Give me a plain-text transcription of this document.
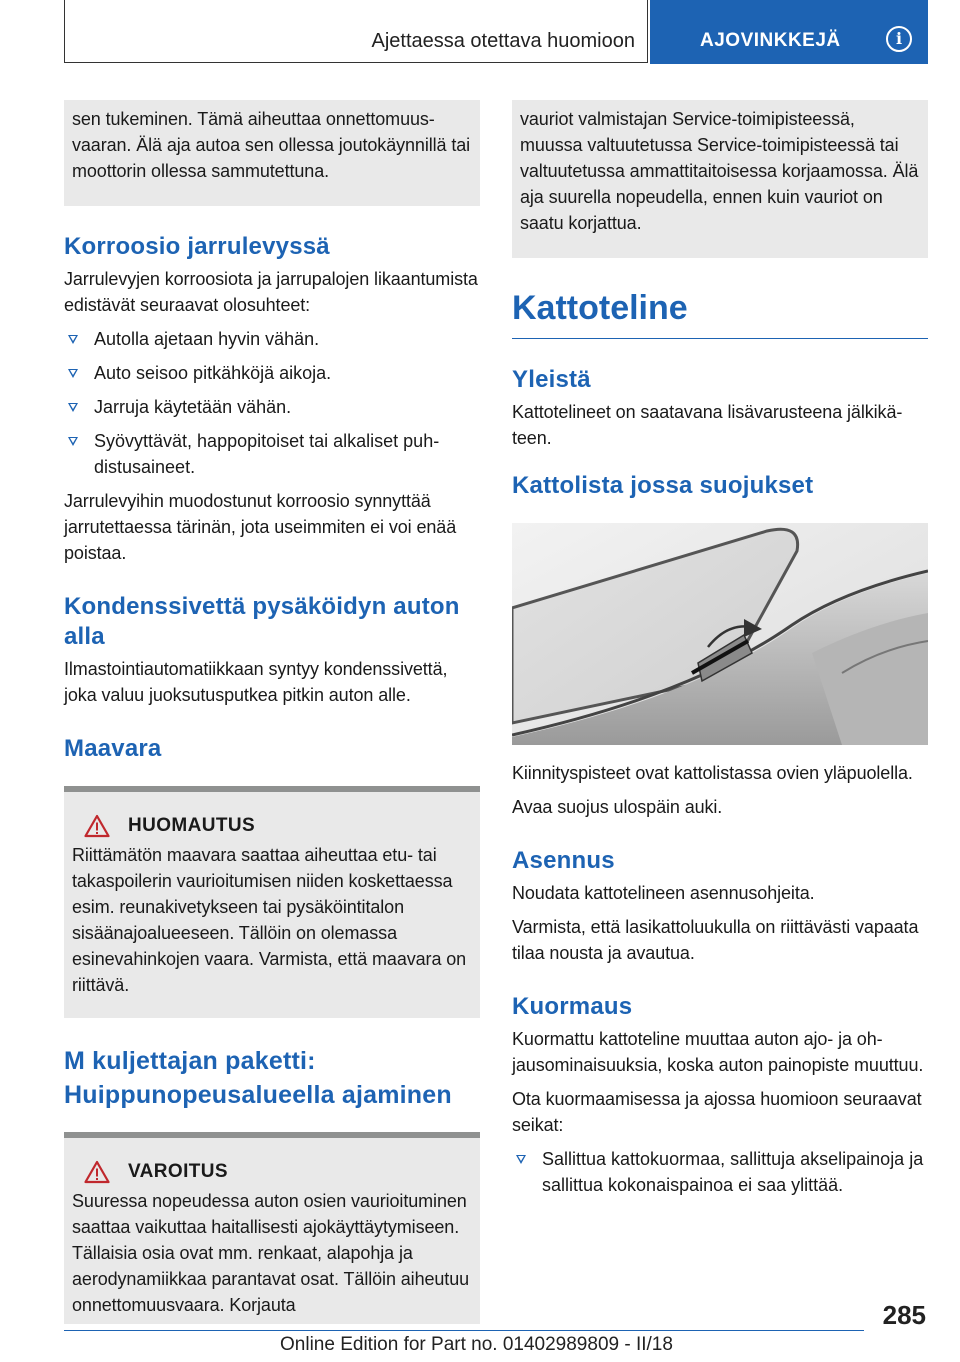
Ajettaessa otettava huomioon	AJOVINKKEJÄ	i

sen tukeminen. Tämä aiheuttaa onnettomuusvaaran. Älä aja autoa sen ollessa joutokäynnillä tai moottorin ollessa sammutettuna.

Korroosio jarrulevyssä

Jarrulevyjen korroosiota ja jarrupalojen likaantumista edistävät seuraavat olosuhteet:

Autolla ajetaan hyvin vähän.
Auto seisoo pitkähköjä aikoja.
Jarruja käytetään vähän.
Syövyttävät, happopitoiset tai alkaliset puhdistusaineet.

Jarrulevyihin muodostunut korroosio synnyttää jarrutettaessa tärinän, jota useimmiten ei voi enää poistaa.

Kondenssivettä pysäköidyn auton alla

Ilmastointiautomatiikkaan syntyy kondenssivettä, joka valuu juoksutusputkea pitkin auton alle.

Maavara
HUOMAUTUS

Riittämätön maavara saattaa aiheuttaa etu- tai takaspoilerin vaurioitumisen niiden koskettaessa esim. reunakivetykseen tai pysäköintitalon sisäänajoalueeseen. Tällöin on olemassa esinevahinkojen vaara. Varmista, että maavara on riittävä.

M kuljettajan paketti: Huippunopeusalueella ajaminen
VAROITUS

Suuressa nopeudessa auton osien vaurioituminen saattaa vaikuttaa haitallisesti ajokäyttäytymiseen. Tällaisia osia ovat mm. renkaat, alapohja ja aerodynamiikkaa parantavat osat. Tällöin aiheutuu onnettomuusvaara. Korjauta

vauriot valmistajan Service-toimipisteessä, muussa valtuutetussa Service-toimipisteessä tai valtuutetussa ammattitaitoisessa korjaamossa. Älä aja suurella nopeudella, ennen kuin vauriot on saatu korjattua.

Kattoteline
Yleistä

Kattotelineet on saatavana lisävarusteena jälkikäteen.

Kattolista jossa suojukset

Kiinnityspisteet ovat kattolistassa ovien yläpuolella.

Avaa suojus ulospäin auki.

Asennus

Noudata kattotelineen asennusohjeita.

Varmista, että lasikattoluukulla on riittävästi vapaata tilaa nousta ja avautua.

Kuormaus

Kuormattu kattoteline muuttaa auton ajo- ja ohjausominaisuuksia, koska auton painopiste muuttuu.

Ota kuormaamisessa ja ajossa huomioon seuraavat seikat:

Sallittua kattokuormaa, sallittuja akselipainoja ja sallittua kokonaispainoa ei saa ylittää.
285
Online Edition for Part no. 01402989809 - II/18
